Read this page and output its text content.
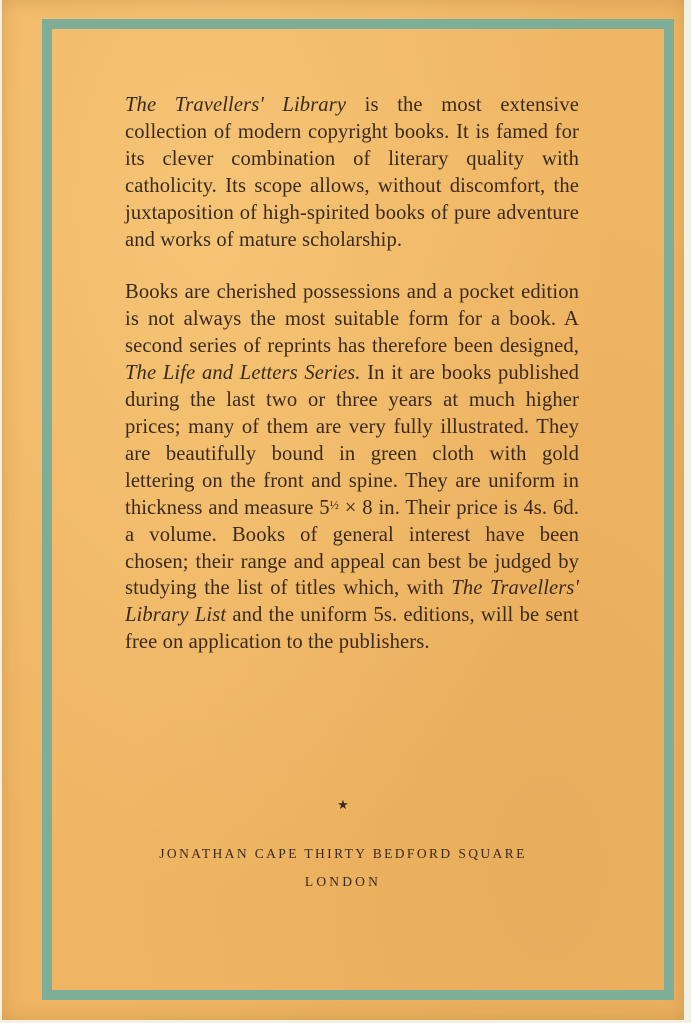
The Travellers' Library is the most extensive collection of modern copyright books. It is famed for its clever combination of literary quality with catholicity. Its scope allows, without discomfort, the juxtaposition of high-spirited books of pure adventure and works of mature scholarship.

Books are cherished possessions and a pocket edition is not always the most suitable form for a book. A second series of reprints has therefore been designed, The Life and Letters Series. In it are books published during the last two or three years at much higher prices; many of them are very fully illustrated. They are beautifully bound in green cloth with gold lettering on the front and spine. They are uniform in thickness and measure 5½ × 8 in. Their price is 4s. 6d. a volume. Books of general interest have been chosen; their range and appeal can best be judged by studying the list of titles which, with The Travellers' Library List and the uniform 5s. editions, will be sent free on application to the publishers.

★
JONATHAN CAPE THIRTY BEDFORD SQUARE
LONDON
